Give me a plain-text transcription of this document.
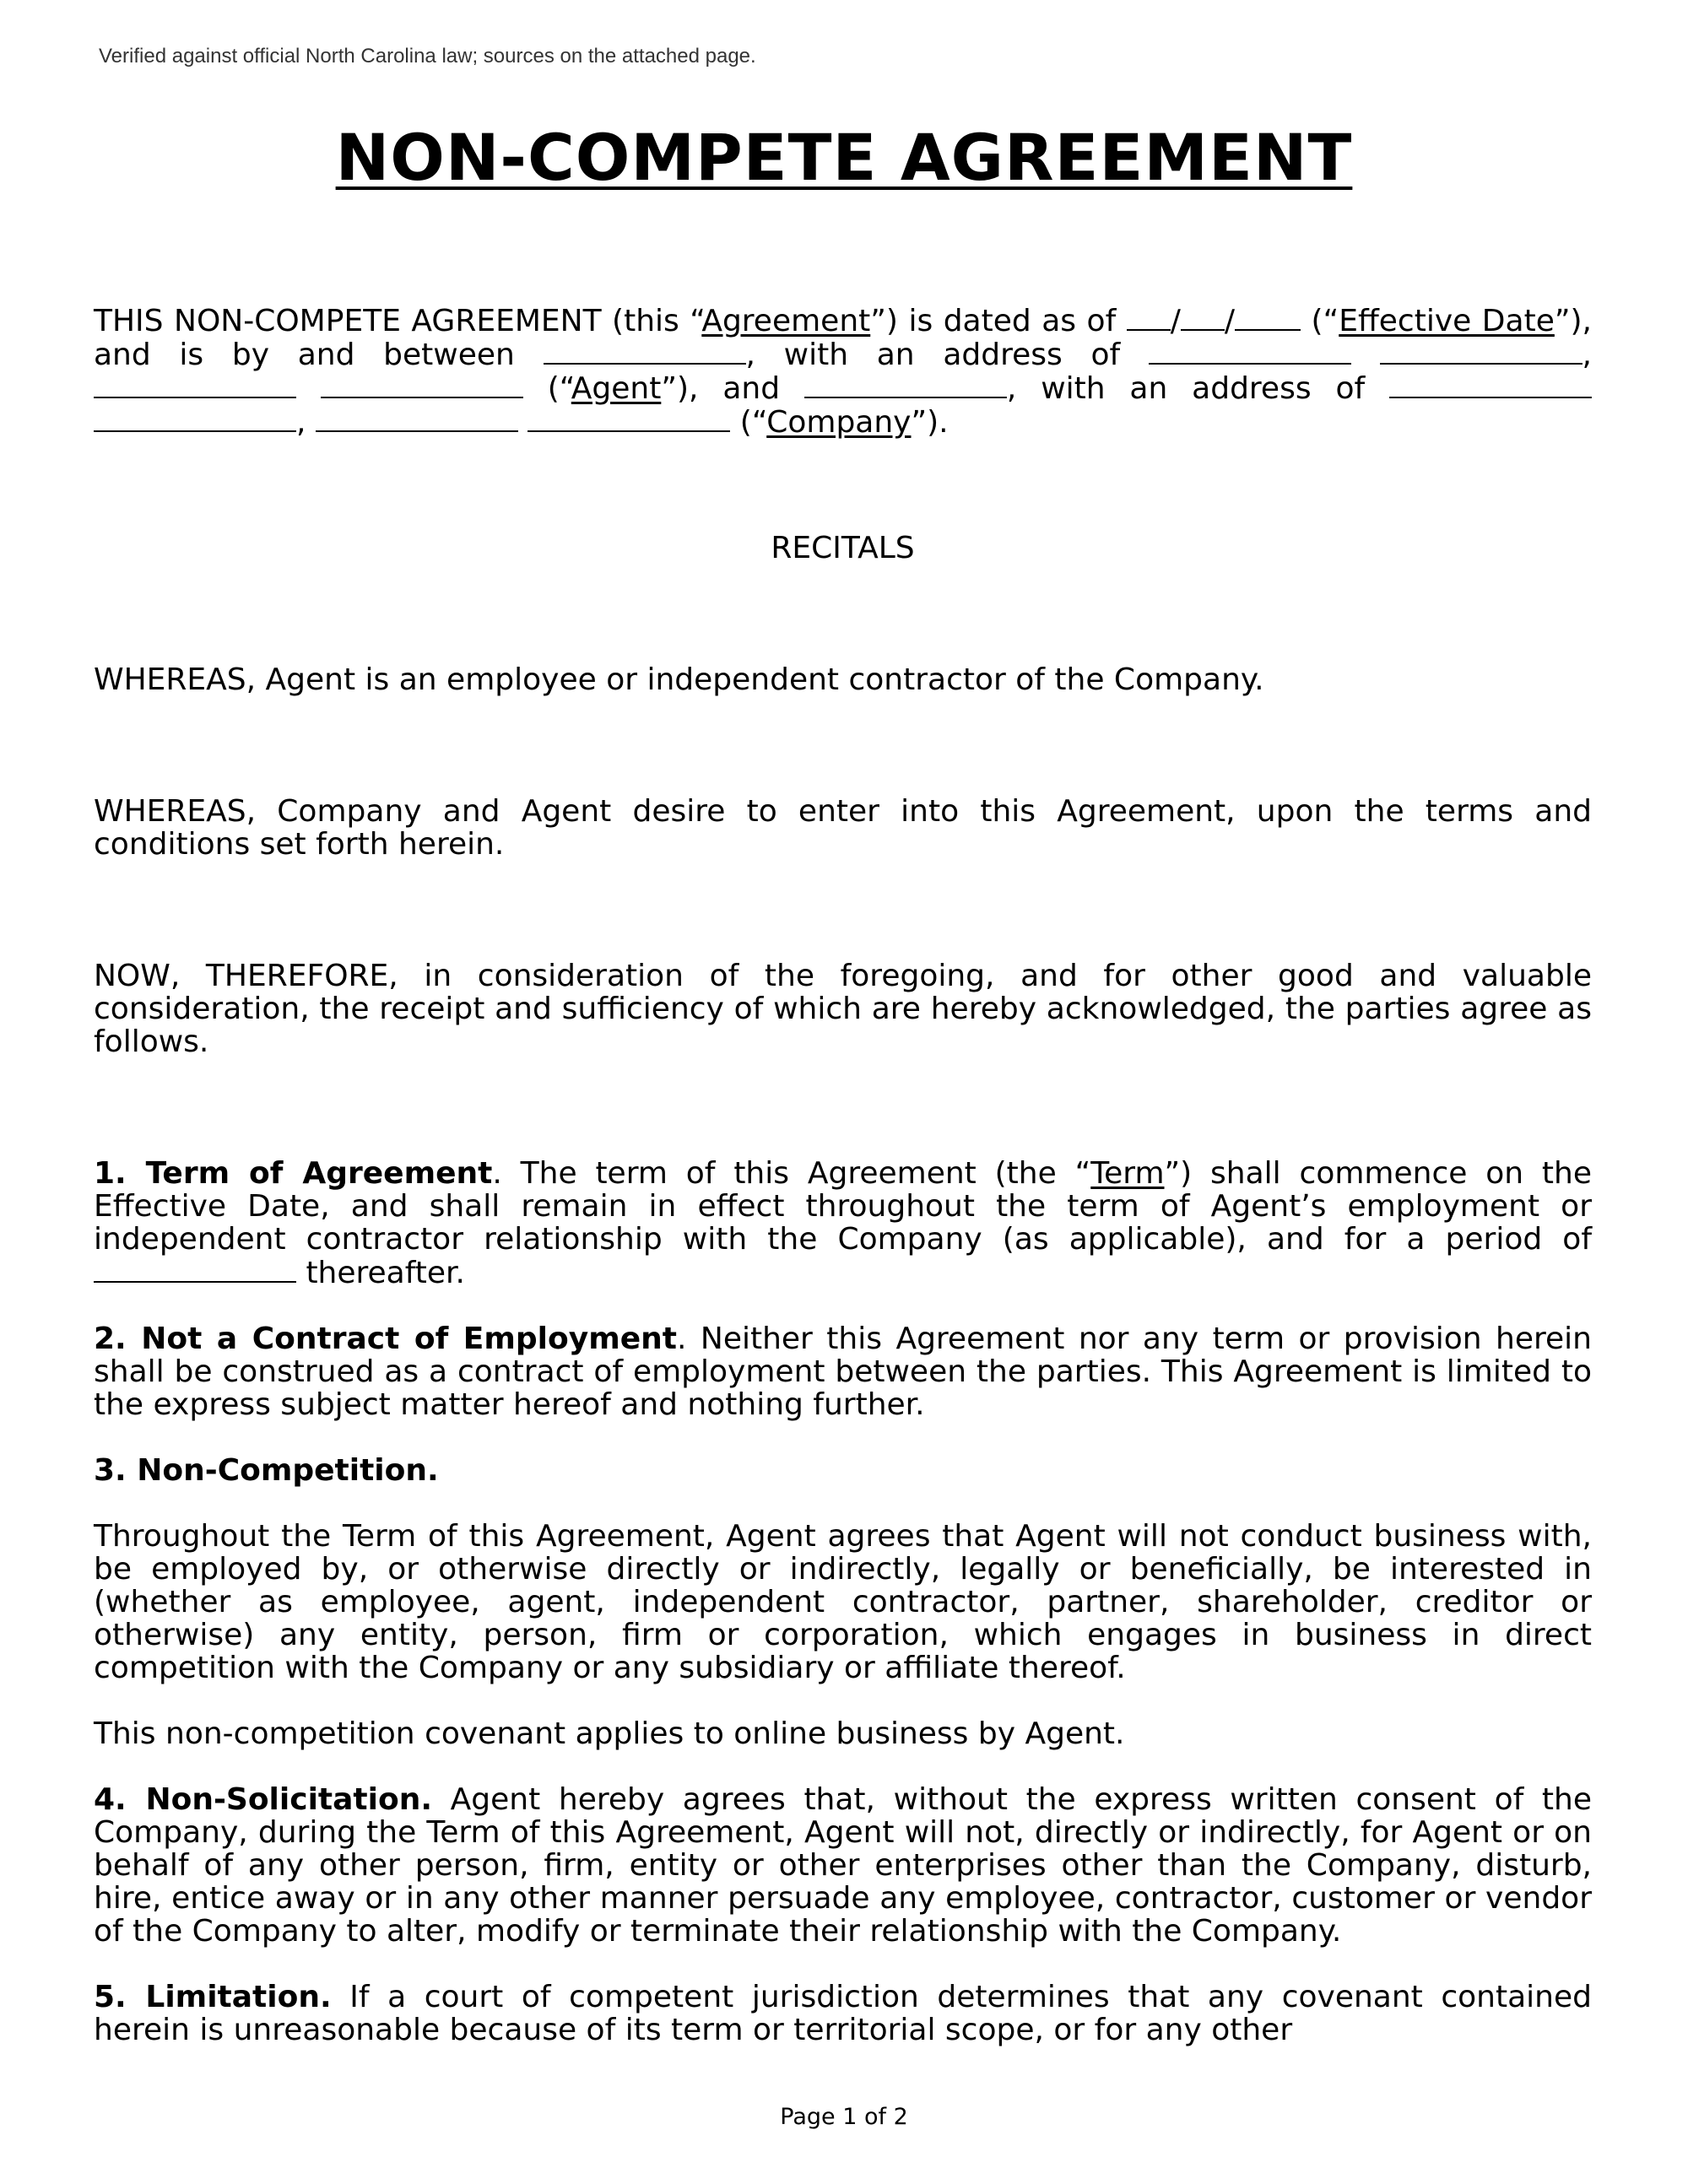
Verified against official North Carolina law; sources on the attached page.
NON-COMPETE AGREEMENT

THIS NON-COMPETE AGREEMENT (this “Agreement”) is dated as of / /	(“Effective Date”), and is by and between	, with an address of	,   (“Agent”), and	, with an address of  ,	(“Company”).

RECITALS

WHEREAS, Agent is an employee or independent contractor of the Company.

WHEREAS, Company and Agent desire to enter into this Agreement, upon the terms and conditions set forth herein.

NOW, THEREFORE, in consideration of the foregoing, and for other good and valuable consideration, the receipt and sufficiency of which are hereby acknowledged, the parties agree as follows.

1. Term of Agreement. The term of this Agreement (the “Term”) shall commence on the Effective Date, and shall remain in effect throughout the term of Agent’s employment or independent contractor relationship with the Company (as applicable), and for a period of  thereafter.

2. Not a Contract of Employment. Neither this Agreement nor any term or provision herein shall be construed as a contract of employment between the parties. This Agreement is limited to the express subject matter hereof and nothing further.

3. Non-Competition.

Throughout the Term of this Agreement, Agent agrees that Agent will not conduct business with, be employed by, or otherwise directly or indirectly, legally or beneficially, be interested in (whether as employee, agent, independent contractor, partner, shareholder, creditor or otherwise) any entity, person, firm or corporation, which engages in business in direct competition with the Company or any subsidiary or affiliate thereof.

This non-competition covenant applies to online business by Agent.

4. Non-Solicitation. Agent hereby agrees that, without the express written consent of the Company, during the Term of this Agreement, Agent will not, directly or indirectly, for Agent or on behalf of any other person, firm, entity or other enterprises other than the Company, disturb, hire, entice away or in any other manner persuade any employee, contractor, customer or vendor of the Company to alter, modify or terminate their relationship with the Company.

5. Limitation. If a court of competent jurisdiction determines that any covenant contained herein is unreasonable because of its term or territorial scope, or for any other

Page 1 of 2
